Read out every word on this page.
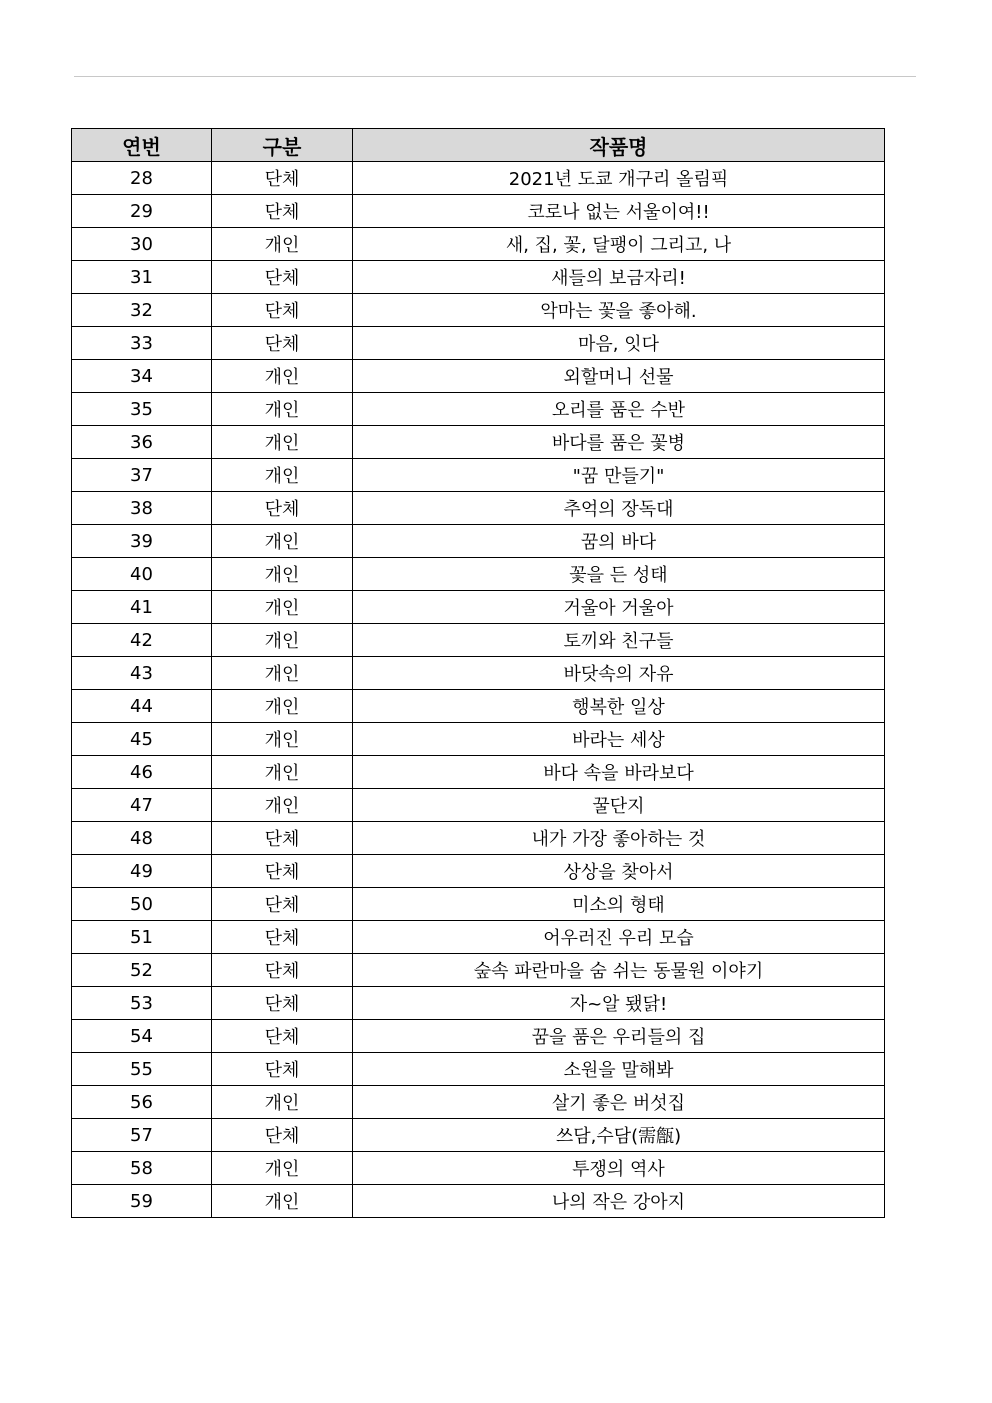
연번	구분	작품명
28	단체	2021년 도쿄 개구리 올림픽
29	단체	코로나 없는 서울이여!!
30	개인	새, 집, 꽃, 달팽이 그리고, 나
31	단체	새들의 보금자리!
32	단체	악마는 꽃을 좋아해.
33	단체	마음, 잇다
34	개인	외할머니 선물
35	개인	오리를 품은 수반
36	개인	바다를 품은 꽃병
37	개인	"꿈 만들기"
38	단체	추억의 장독대
39	개인	꿈의 바다
40	개인	꽃을 든 성태
41	개인	거울아 거울아
42	개인	토끼와 친구들
43	개인	바닷속의 자유
44	개인	행복한 일상
45	개인	바라는 세상
46	개인	바다 속을 바라보다
47	개인	꿀단지
48	단체	내가 가장 좋아하는 것
49	단체	상상을 찾아서
50	단체	미소의 형태
51	단체	어우러진 우리 모습
52	단체	숲속 파란마을 숨 쉬는 동물원 이야기
53	단체	자~알 됐닭!
54	단체	꿈을 품은 우리들의 집
55	단체	소원을 말해봐
56	개인	살기 좋은 버섯집
57	단체	쓰담,수담(需甔)
58	개인	투쟁의 역사
59	개인	나의 작은 강아지
